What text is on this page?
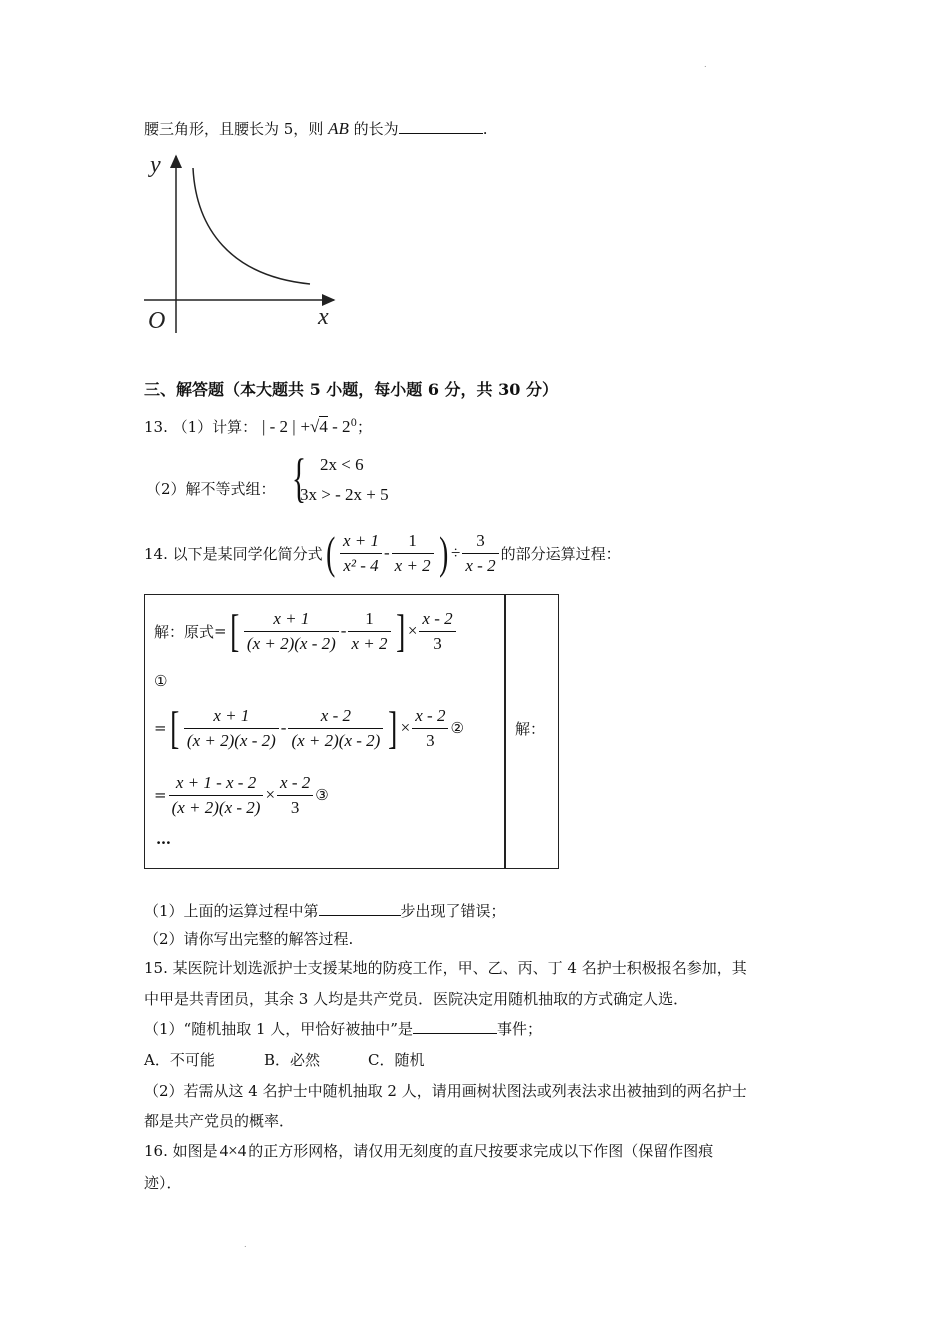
.
.
腰三角形，且腰长为 5，则 AB 的长为	.
y
x
O
三、解答题（本大题共 5 小题，每小题 6 分，共 30 分）
13. （1）计算： | - 2 | $+√4 - 2^0$；
（2）解不等式组： { 2x < 6
3x > - 2x + 5
14. 以下是某同学化简分式 ( $\frac{x + 1}{\text{x² - 4}} - \frac{1}{x + 2}$ ) ÷ $\frac{3}{x - 2}$ 的部分运算过程：
解：原式 = [ $\frac{x + 1}{(x + 2)(x - 2)} - \frac{1}{x + 2}$ ] × $\frac{x - 2}{3}$
①
= [ $\frac{x + 1}{(x + 2)(x - 2)} - \frac{x - 2}{(x + 2)(x - 2)}$ ] × $\frac{x - 2}{3}$ ②
= $\frac{x + 1 - x - 2}{(x + 2)(x - 2)} \times \frac{x - 2}{3}$ ③
…
解：
（1）上面的运算过程中第	步出现了错误；
（2）请你写出完整的解答过程.
15. 某医院计划选派护士支援某地的防疫工作，甲、乙、丙、丁 4 名护士积极报名参加，其
中甲是共青团员，其余 3 人均是共产党员．医院决定用随机抽取的方式确定人选．
（1）“随机抽取 1 人，甲恰好被抽中”是	事件；
A．不可能	B．必然	C．随机
（2）若需从这 4 名护士中随机抽取 2 人，请用画树状图法或列表法求出被抽到的两名护士
都是共产党员的概率．
16. 如图是 4×4 的正方形网格，请仅用无刻度的直尺按要求完成以下作图（保留作图痕
迹）．
